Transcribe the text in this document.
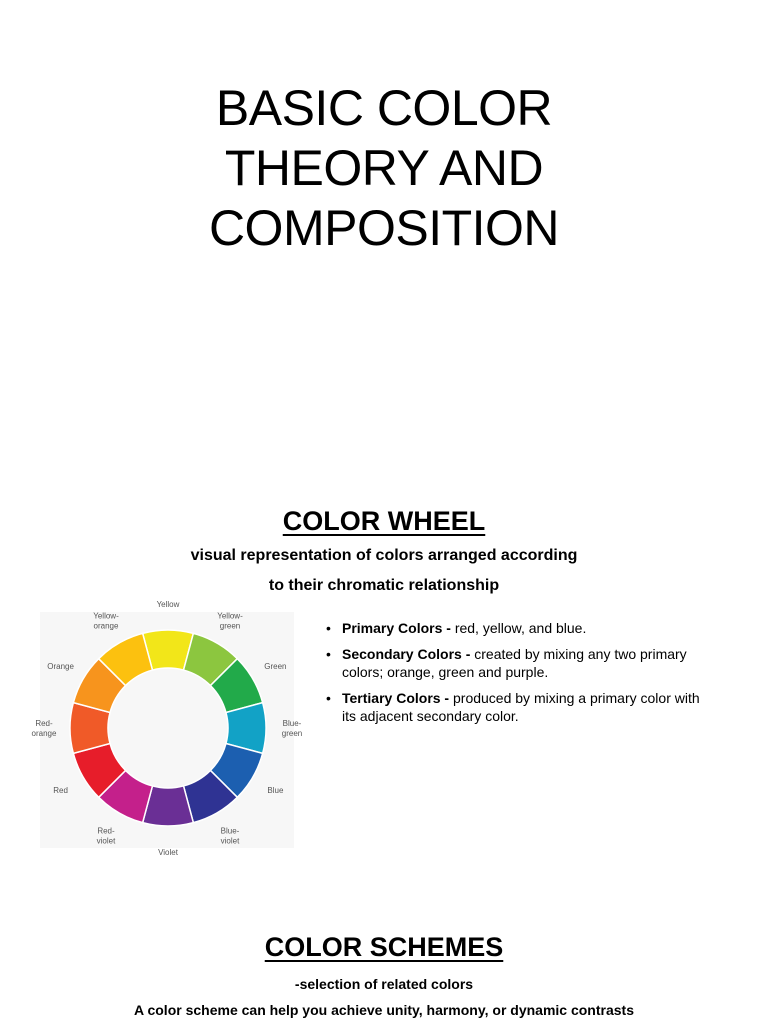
BASIC COLOR
THEORY AND
COMPOSITION
COLOR WHEEL
visual representation of colors arranged according
to their chromatic relationship
Yellow
Yellow-green
Green
Blue-green
Blue
Blue-violet
Violet
Red-violet
Red
Red-orange
Orange
Yellow-orange	• Primary Colors - red, yellow, and blue.
• Secondary Colors - created by mixing any two primary colors; orange, green and purple.
• Tertiary Colors - produced by mixing a primary color with its adjacent secondary color.
COLOR SCHEMES
-selection of related colors
A color scheme can help you achieve unity, harmony, or dynamic contrasts
